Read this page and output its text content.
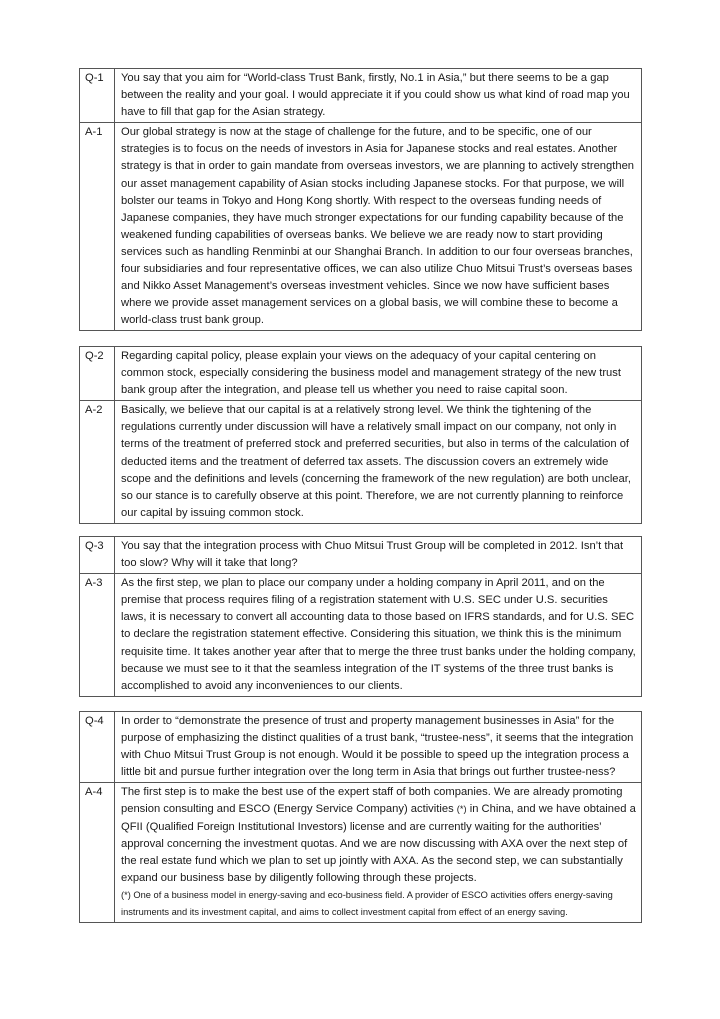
Q-1	You say that you aim for “World-class Trust Bank, firstly, No.1 in Asia,” but there seems to be a gap between the reality and your goal. I would appreciate it if you could show us what kind of road map you have to fill that gap for the Asian strategy.
A-1	Our global strategy is now at the stage of challenge for the future, and to be specific, one of our strategies is to focus on the needs of investors in Asia for Japanese stocks and real estates. Another strategy is that in order to gain mandate from overseas investors, we are planning to actively strengthen our asset management capability of Asian stocks including Japanese stocks. For that purpose, we will bolster our teams in Tokyo and Hong Kong shortly. With respect to the overseas funding needs of Japanese companies, they have much stronger expectations for our funding capability because of the weakened funding capabilities of overseas banks. We believe we are ready now to start providing services such as handling Renminbi at our Shanghai Branch. In addition to our four overseas branches, four subsidiaries and four representative offices, we can also utilize Chuo Mitsui Trust’s overseas bases and Nikko Asset Management’s overseas investment vehicles. Since we now have sufficient bases where we provide asset management services on a global basis, we will combine these to become a world-class trust bank group.
Q-2	Regarding capital policy, please explain your views on the adequacy of your capital centering on common stock, especially considering the business model and management strategy of the new trust bank group after the integration, and please tell us whether you need to raise capital soon.
A-2	Basically, we believe that our capital is at a relatively strong level. We think the tightening of the regulations currently under discussion will have a relatively small impact on our company, not only in terms of the treatment of preferred stock and preferred securities, but also in terms of the calculation of deducted items and the treatment of deferred tax assets. The discussion covers an extremely wide scope and the definitions and levels (concerning the framework of the new regulation) are both unclear, so our stance is to carefully observe at this point. Therefore, we are not currently planning to reinforce our capital by issuing common stock.
Q-3	You say that the integration process with Chuo Mitsui Trust Group will be completed in 2012. Isn’t that too slow? Why will it take that long?
A-3	As the first step, we plan to place our company under a holding company in April 2011, and on the premise that process requires filing of a registration statement with U.S. SEC under U.S. securities laws, it is necessary to convert all accounting data to those based on IFRS standards, and for U.S. SEC to declare the registration statement effective. Considering this situation, we think this is the minimum requisite time. It takes another year after that to merge the three trust banks under the holding company, because we must see to it that the seamless integration of the IT systems of the three trust banks is accomplished to avoid any inconveniences to our clients.
Q-4	In order to “demonstrate the presence of trust and property management businesses in Asia” for the purpose of emphasizing the distinct qualities of a trust bank, “trustee-ness”, it seems that the integration with Chuo Mitsui Trust Group is not enough. Would it be possible to speed up the integration process a little bit and pursue further integration over the long term in Asia that brings out further trustee-ness?
A-4	The first step is to make the best use of the expert staff of both companies. We are already promoting pension consulting and ESCO (Energy Service Company) activities (*) in China, and we have obtained a QFII (Qualified Foreign Institutional Investors) license and are currently waiting for the authorities’ approval concerning the investment quotas. And we are now discussing with AXA over the next step of the real estate fund which we plan to set up jointly with AXA. As the second step, we can substantially expand our business base by diligently following through these projects.
(*) One of a business model in energy-saving and eco-business field. A provider of ESCO activities offers energy-saving instruments and its investment capital, and aims to collect investment capital from effect of an energy saving.
